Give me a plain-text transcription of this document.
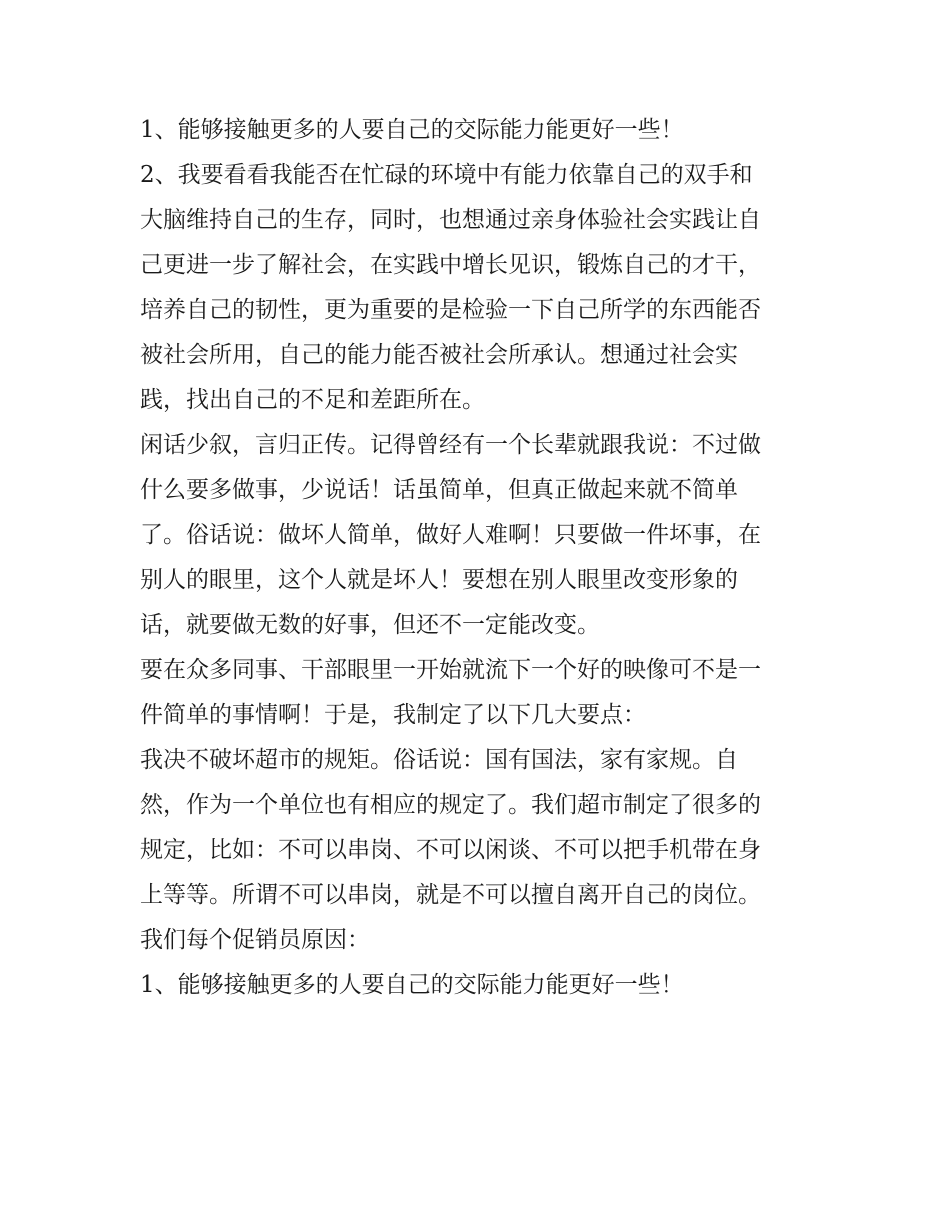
1、能够接触更多的人要自己的交际能力能更好一些！
2、我要看看我能否在忙碌的环境中有能力依靠自己的双手和
大脑维持自己的生存，同时，也想通过亲身体验社会实践让自
己更进一步了解社会，在实践中增长见识，锻炼自己的才干，
培养自己的韧性，更为重要的是检验一下自己所学的东西能否
被社会所用，自己的能力能否被社会所承认。想通过社会实
践，找出自己的不足和差距所在。
闲话少叙，言归正传。记得曾经有一个长辈就跟我说：不过做
什么要多做事，少说话！话虽简单，但真正做起来就不简单
了。俗话说：做坏人简单，做好人难啊！只要做一件坏事，在
别人的眼里，这个人就是坏人！要想在别人眼里改变形象的
话，就要做无数的好事，但还不一定能改变。
要在众多同事、干部眼里一开始就流下一个好的映像可不是一
件简单的事情啊！于是，我制定了以下几大要点：
我决不破坏超市的规矩。俗话说：国有国法，家有家规。自
然，作为一个单位也有相应的规定了。我们超市制定了很多的
规定，比如：不可以串岗、不可以闲谈、不可以把手机带在身
上等等。所谓不可以串岗，就是不可以擅自离开自己的岗位。
我们每个促销员原因：
1、能够接触更多的人要自己的交际能力能更好一些！
